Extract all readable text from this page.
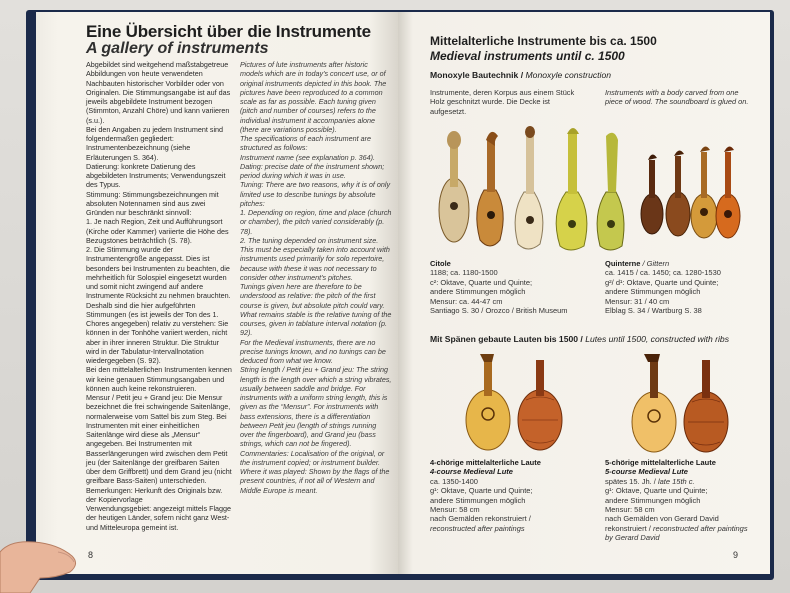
Eine Übersicht über die Instrumente
A gallery of instruments

Abgebildet sind weitgehend maßstabgetreue Abbildungen von heute verwendeten Nachbauten historischer Vorbilder oder von Originalen. Die Stimmungsangabe ist auf das jeweils abgebildete Instrument bezogen (Stimmton, Anzahl Chöre) und kann variieren (s.u.).

Bei den Angaben zu jedem Instrument sind folgendermaßen gegliedert:

Instrumentenbezeichnung (siehe Erläuterungen S. 364).

Datierung: konkrete Datierung des abgebildeten Instruments; Verwendungszeit des Typus.

Stimmung: Stimmungsbezeichnungen mit absoluten Notennamen sind aus zwei Gründen nur beschränkt sinnvoll:

1. Je nach Region, Zeit und Aufführungsort (Kirche oder Kammer) variierte die Höhe des Bezugstones beträchtlich (S. 78).

2. Die Stimmung wurde der Instrumentengröße angepasst. Dies ist besonders bei Instrumenten zu beachten, die mehrheitlich für Solospiel eingesetzt wurden und somit nicht zwingend auf andere Instrumente Rücksicht zu nehmen brauchten.

Deshalb sind die hier aufgeführten Stimmungen (es ist jeweils der Ton des 1. Chores angegeben) relativ zu verstehen: Sie können in der Tonhöhe variiert werden, nicht aber in ihrer inneren Struktur. Die Struktur wird in der Tabulatur-Intervallnotation wiedergegeben (S. 92).

Bei den mittelalterlichen Instrumenten kennen wir keine genauen Stimmungsangaben und können auch keine rekonstruieren.

Mensur / Petit jeu + Grand jeu: Die Mensur bezeichnet die frei schwingende Saitenlänge, normalerweise vom Sattel bis zum Steg. Bei Instrumenten mit einer einheitlichen Saitenlänge wird diese als „Mensur“ angegeben. Bei Instrumenten mit Basserlängerungen wird zwischen dem Petit jeu (der Saitenlänge der greifbaren Saiten über dem Griffbrett) und dem Grand jeu (nicht greifbare Bass-Saiten) unterschieden.

Bemerkungen: Herkunft des Originals bzw. der Kopiervorlage

Verwendungsgebiet: angezeigt mittels Flagge der heutigen Länder, sofern nicht ganz West- und Mitteleuropa gemeint ist.

Pictures of lute instruments after historic models which are in today's concert use, or of original instruments depicted in this book. The pictures have been reproduced to a common scale as far as possible. Each tuning given (pitch and number of courses) refers to the individual instrument it accompanies alone (there are variations possible).

The specifications of each instrument are structured as follows:

Instrument name (see explanation p. 364).

Dating: precise date of the instrument shown; period during which it was in use.

Tuning: There are two reasons, why it is of only limited use to describe tunings by absolute pitches:

1. Depending on region, time and place (church or chamber), the pitch varied considerably (p. 78).

2. The tuning depended on instrument size. This must be especially taken into account with instruments used primarily for solo repertoire, because with these it was not necessary to consider other instrument's pitches.

Tunings given here are therefore to be understood as relative: the pitch of the first course is given, but absolute pitch could vary. What remains stable is the relative tuning of the courses, given in tablature interval notation (p. 92).

For the Medieval instruments, there are no precise tunings known, and no tunings can be deduced from what we know.

String length / Petit jeu + Grand jeu: The string length is the length over which a string vibrates, usually between saddle and bridge. For instruments with a uniform string length, this is given as the “Mensur”. For instruments with bass extensions, there is a differentiation between Petit jeu (length of strings running over the fingerboard), and Grand jeu (bass strings, which can not be fingered).

Commentaries: Localisation of the original, or the instrument copied; or instrument builder.

Where it was played: Shown by the flags of the present countries, if not all of Western and Middle Europe is meant.

8
Mittelalterliche Instrumente bis ca. 1500
Medieval instruments until c. 1500
Monoxyle Bautechnik / Monoxyle construction
Instrumente, deren Korpus aus einem Stück Holz geschnitzt wurde. Die Decke ist aufgesetzt.
Instruments with a body carved from one piece of wood. The soundboard is glued on.
Citole
1188; ca. 1180-1500
c²: Oktave, Quarte und Quinte;
andere Stimmungen möglich
Mensur: ca. 44-47 cm
Santiago S. 30 / Orozco / British Museum
Quinterne / Gittern
ca. 1415 / ca. 1450; ca. 1280-1530
g²/ d¹: Oktave, Quarte und Quinte;
andere Stimmungen möglich
Mensur: 31 / 40 cm
Elblag S. 34 / Wartburg S. 38
Mit Spänen gebaute Lauten bis 1500 / Lutes until 1500, constructed with ribs
4-chörige mittelalterliche Laute
4-course Medieval Lute
ca. 1350-1400
g¹: Oktave, Quarte und Quinte;
andere Stimmungen möglich
Mensur: 58 cm
nach Gemälden rekonstruiert /
reconstructed after paintings
5-chörige mittelalterliche Laute
5-course Medieval Lute
spätes 15. Jh. / late 15th c.
g¹: Oktave, Quarte und Quinte;
andere Stimmungen möglich
Mensur: 58 cm
nach Gemälden von Gerard David
rekonstruiert / reconstructed after paintings
by Gerard David
9
